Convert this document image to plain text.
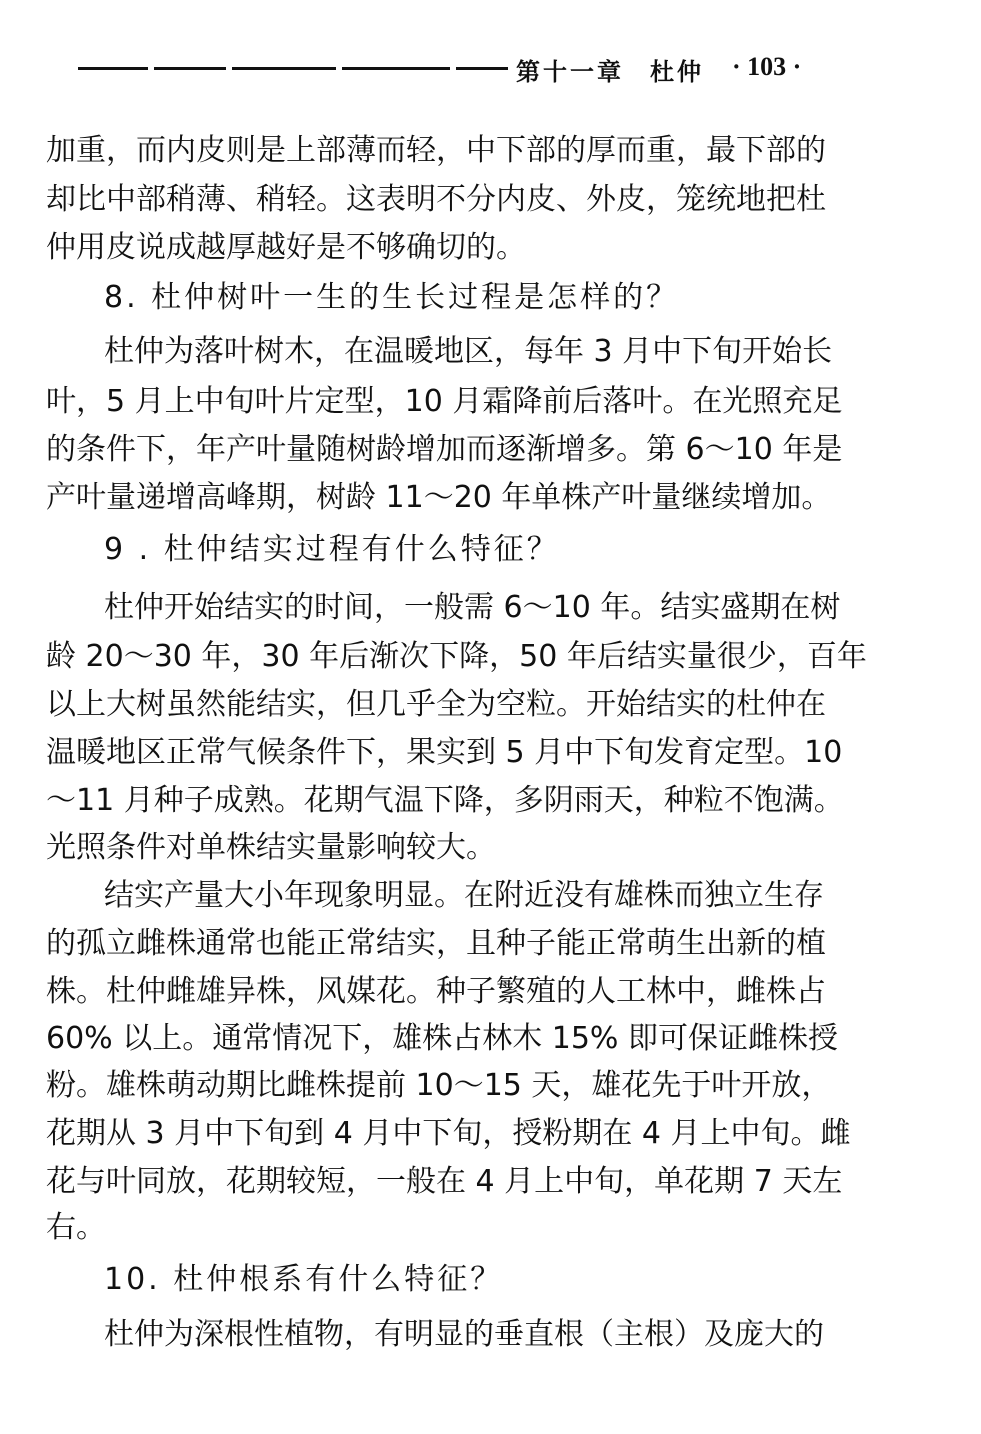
第十一章 杜仲 · 103 ·
加重，而内皮则是上部薄而轻，中下部的厚而重，最下部的
却比中部稍薄、稍轻。这表明不分内皮、外皮，笼统地把杜
仲用皮说成越厚越好是不够确切的。
8. 杜仲树叶一生的生长过程是怎样的？
杜仲为落叶树木，在温暖地区，每年 3 月中下旬开始长
叶，5 月上中旬叶片定型，10 月霜降前后落叶。在光照充足
的条件下，年产叶量随树龄增加而逐渐增多。第 6～10 年是
产叶量递增高峰期，树龄 11～20 年单株产叶量继续增加。
9 . 杜仲结实过程有什么特征？
杜仲开始结实的时间，一般需 6～10 年。结实盛期在树
龄 20～30 年，30 年后渐次下降，50 年后结实量很少，百年
以上大树虽然能结实，但几乎全为空粒。开始结实的杜仲在
温暖地区正常气候条件下，果实到 5 月中下旬发育定型。10
～11 月种子成熟。花期气温下降，多阴雨天，种粒不饱满。
光照条件对单株结实量影响较大。
结实产量大小年现象明显。在附近没有雄株而独立生存
的孤立雌株通常也能正常结实，且种子能正常萌生出新的植
株。杜仲雌雄异株，风媒花。种子繁殖的人工林中，雌株占
60% 以上。通常情况下，雄株占林木 15% 即可保证雌株授
粉。雄株萌动期比雌株提前 10～15 天，雄花先于叶开放，
花期从 3 月中下旬到 4 月中下旬，授粉期在 4 月上中旬。雌
花与叶同放，花期较短，一般在 4 月上中旬，单花期 7 天左
右。
10. 杜仲根系有什么特征？
杜仲为深根性植物，有明显的垂直根（主根）及庞大的
